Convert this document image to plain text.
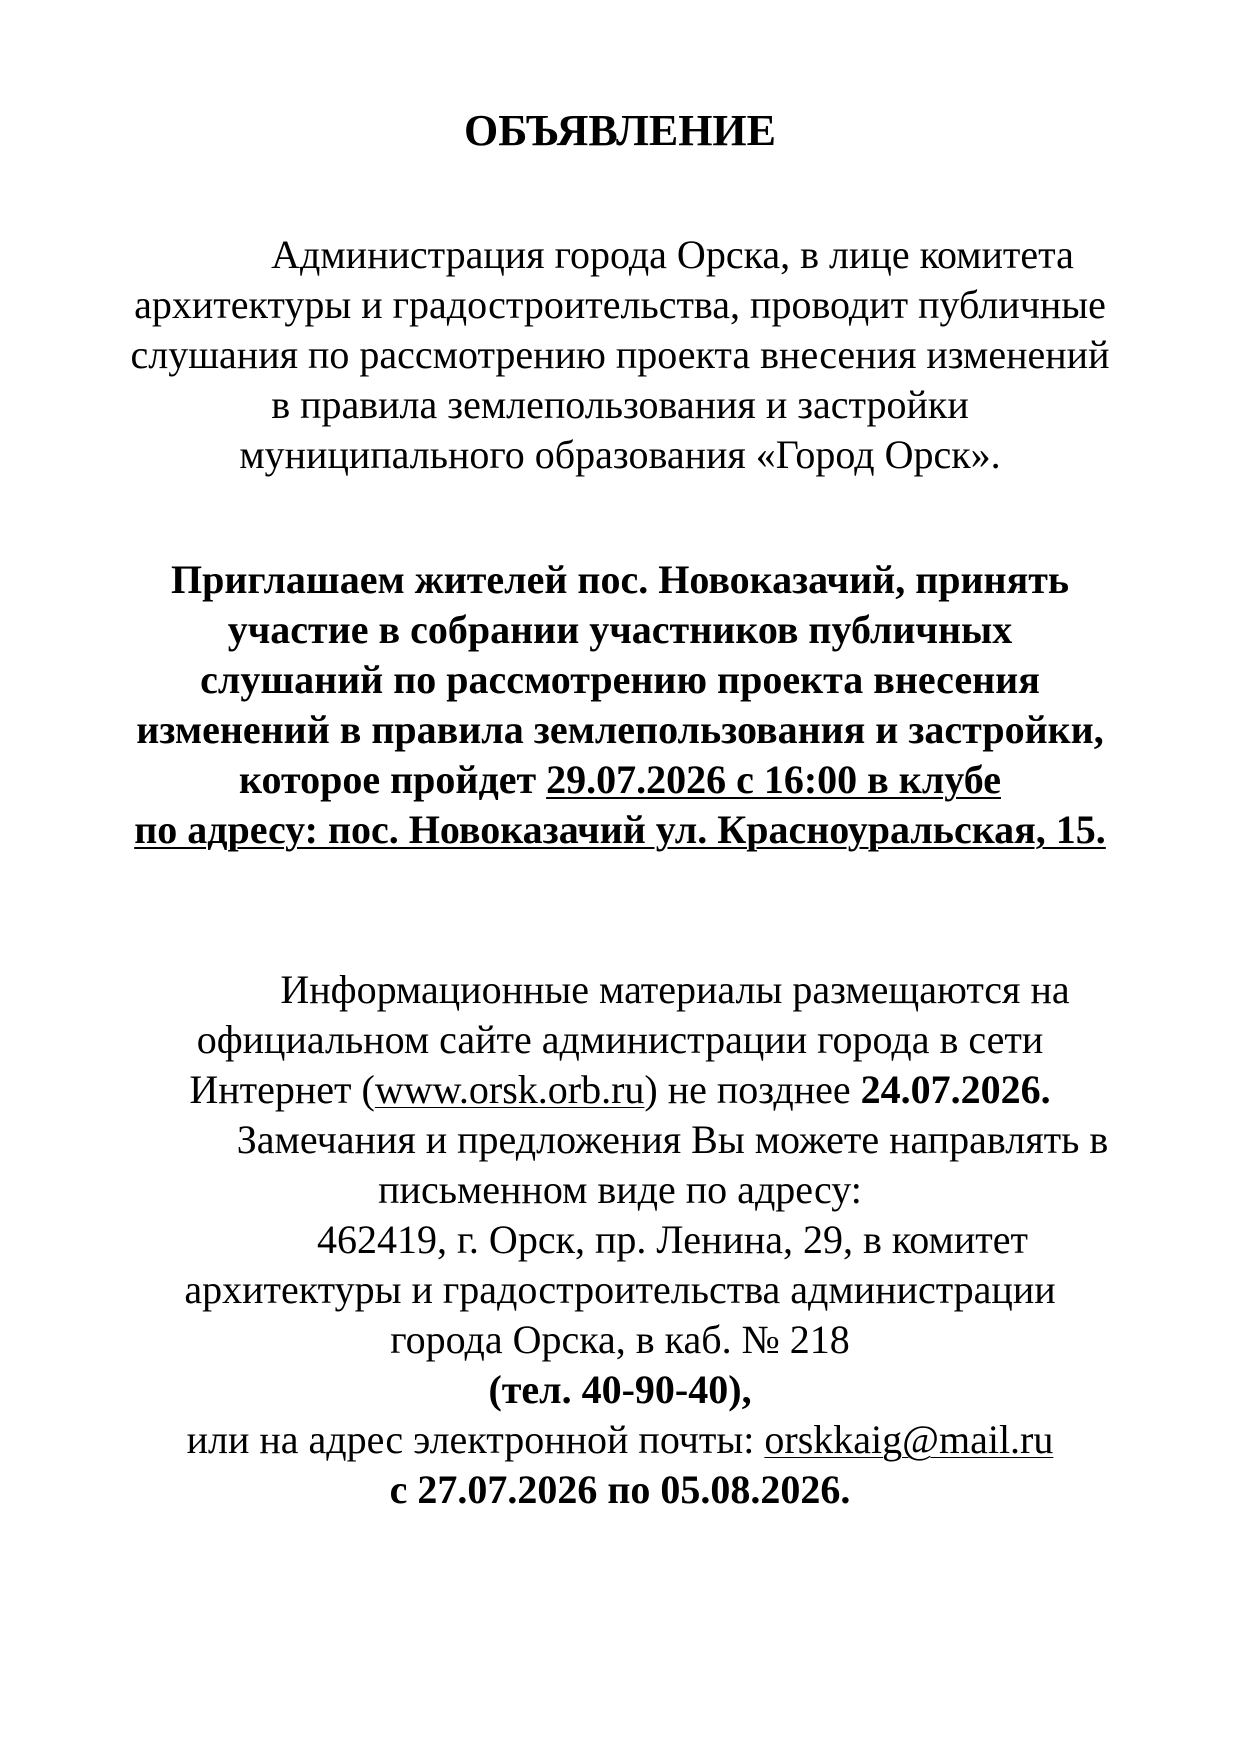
ОБЪЯВЛЕНИЕ
Администрация города Орска, в лице комитета
архитектуры и градостроительства, проводит публичные
слушания по рассмотрению проекта внесения изменений
в правила землепользования и застройки
муниципального образования «Город Орск».
Приглашаем жителей пос. Новоказачий, принять
участие в собрании участников публичных
слушаний по рассмотрению проекта внесения
изменений в правила землепользования и застройки,
которое пройдет 29.07.2026 с 16:00 в клубе
по адресу: пос. Новоказачий ул. Красноуральская, 15.
Информационные материалы размещаются на
официальном сайте администрации города в сети
Интернет (www.orsk.orb.ru) не позднее 24.07.2026.
Замечания и предложения Вы можете направлять в
письменном виде по адресу:
462419, г. Орск, пр. Ленина, 29, в комитет
архитектуры и градостроительства администрации
города Орска, в каб. № 218
(тел. 40-90-40),
или на адрес электронной почты: orskkaig@mail.ru
с 27.07.2026 по 05.08.2026.
